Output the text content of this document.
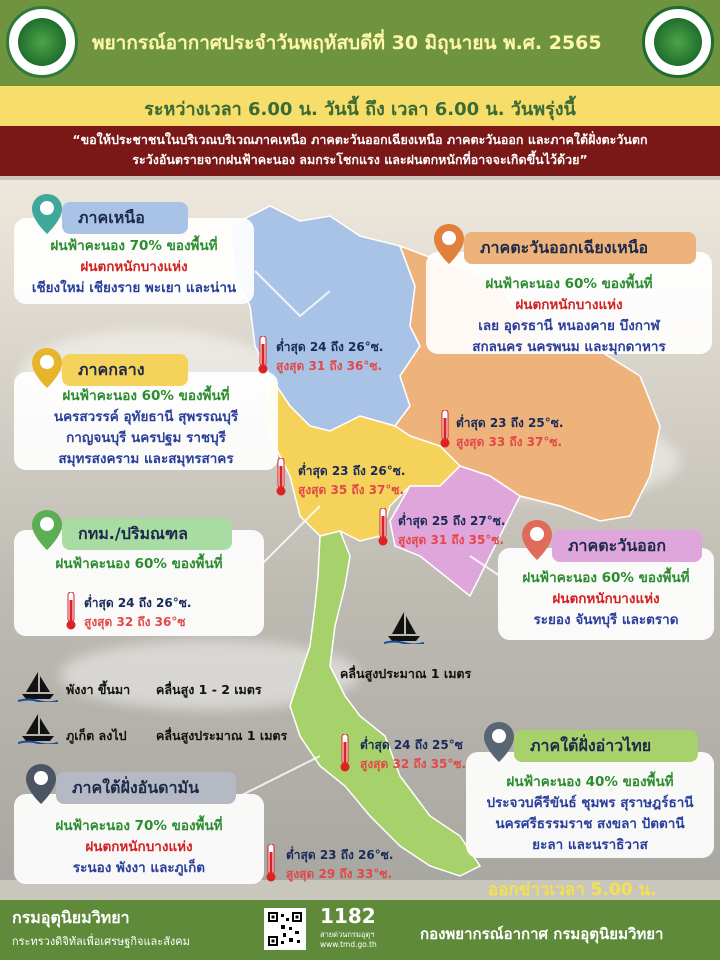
พยากรณ์อากาศประจำวันพฤหัสบดีที่ 30 มิถุนายน พ.ศ. 2565
ระหว่างเวลา 6.00 น. วันนี้ ถึง เวลา 6.00 น. วันพรุ่งนี้
“ขอให้ประชาชนในบริเวณบริเวณภาคเหนือ ภาคตะวันออกเฉียงเหนือ ภาคตะวันออก และภาคใต้ฝั่งตะวันตก
ระวังอันตรายจากฝนฟ้าคะนอง ลมกระโชกแรง และฝนตกหนักที่อาจจะเกิดขึ้นไว้ด้วย”
ฝนฟ้าคะนอง 70% ของพื้นที่
ฝนตกหนักบางแห่ง
เชียงใหม่ เชียงราย พะเยา และน่าน
ภาคเหนือ
ฝนฟ้าคะนอง 60% ของพื้นที่
ฝนตกหนักบางแห่ง
เลย อุดรธานี หนองคาย บึงกาฬ
สกลนคร นครพนม และมุกดาหาร
ภาคตะวันออกเฉียงเหนือ
ฝนฟ้าคะนอง 60% ของพื้นที่
นครสวรรค์ อุทัยธานี สุพรรณบุรี
กาญจนบุรี นครปฐม ราชบุรี
สมุทรสงคราม และสมุทรสาคร
ภาคกลาง
ฝนฟ้าคะนอง 60% ของพื้นที่
กทม./ปริมณฑล
ฝนฟ้าคะนอง 60% ของพื้นที่
ฝนตกหนักบางแห่ง
ระยอง จันทบุรี และตราด
ภาคตะวันออก
ฝนฟ้าคะนอง 40% ของพื้นที่
ประจวบคีรีขันธ์ ชุมพร สุราษฎร์ธานี
นครศรีธรรมราช สงขลา ปัตตานี
ยะลา และนราธิวาส
ภาคใต้ฝั่งอ่าวไทย
ฝนฟ้าคะนอง 70% ของพื้นที่
ฝนตกหนักบางแห่ง
ระนอง พังงา และภูเก็ต
ภาคใต้ฝั่งอันดามัน
ต่ำสุด 24 ถึง 26°ซ.
สูงสุด 31 ถึง 36°ซ.
ต่ำสุด 23 ถึง 25°ซ.
สูงสุด 33 ถึง 37°ซ.
ต่ำสุด 23 ถึง 26°ซ.
สูงสุด 35 ถึง 37°ซ.
ต่ำสุด 25 ถึง 27°ซ.
สูงสุด 31 ถึง 35°ซ.
ต่ำสุด 24 ถึง 26°ซ.
สูงสุด 32 ถึง 36°ซ
ต่ำสุด 24 ถึง 25°ซ
สูงสุด 32 ถึง 35°ซ.
ต่ำสุด 23 ถึง 26°ซ.
สูงสุด 29 ถึง 33°ซ.
คลื่นสูงประมาณ 1 เมตร
พังงา ขึ้นมา คลื่นสูง 1 - 2 เมตร
ภูเก็ต ลงไป คลื่นสูงประมาณ 1 เมตร
ออกข่าวเวลา 5.00 น.
กรมอุตุนิยมวิทยา
กระทรวงดิจิทัลเพื่อเศรษฐกิจและสังคม
1182
สายด่วนกรมอุตุฯ
www.tmd.go.th
กองพยากรณ์อากาศ กรมอุตุนิยมวิทยา
